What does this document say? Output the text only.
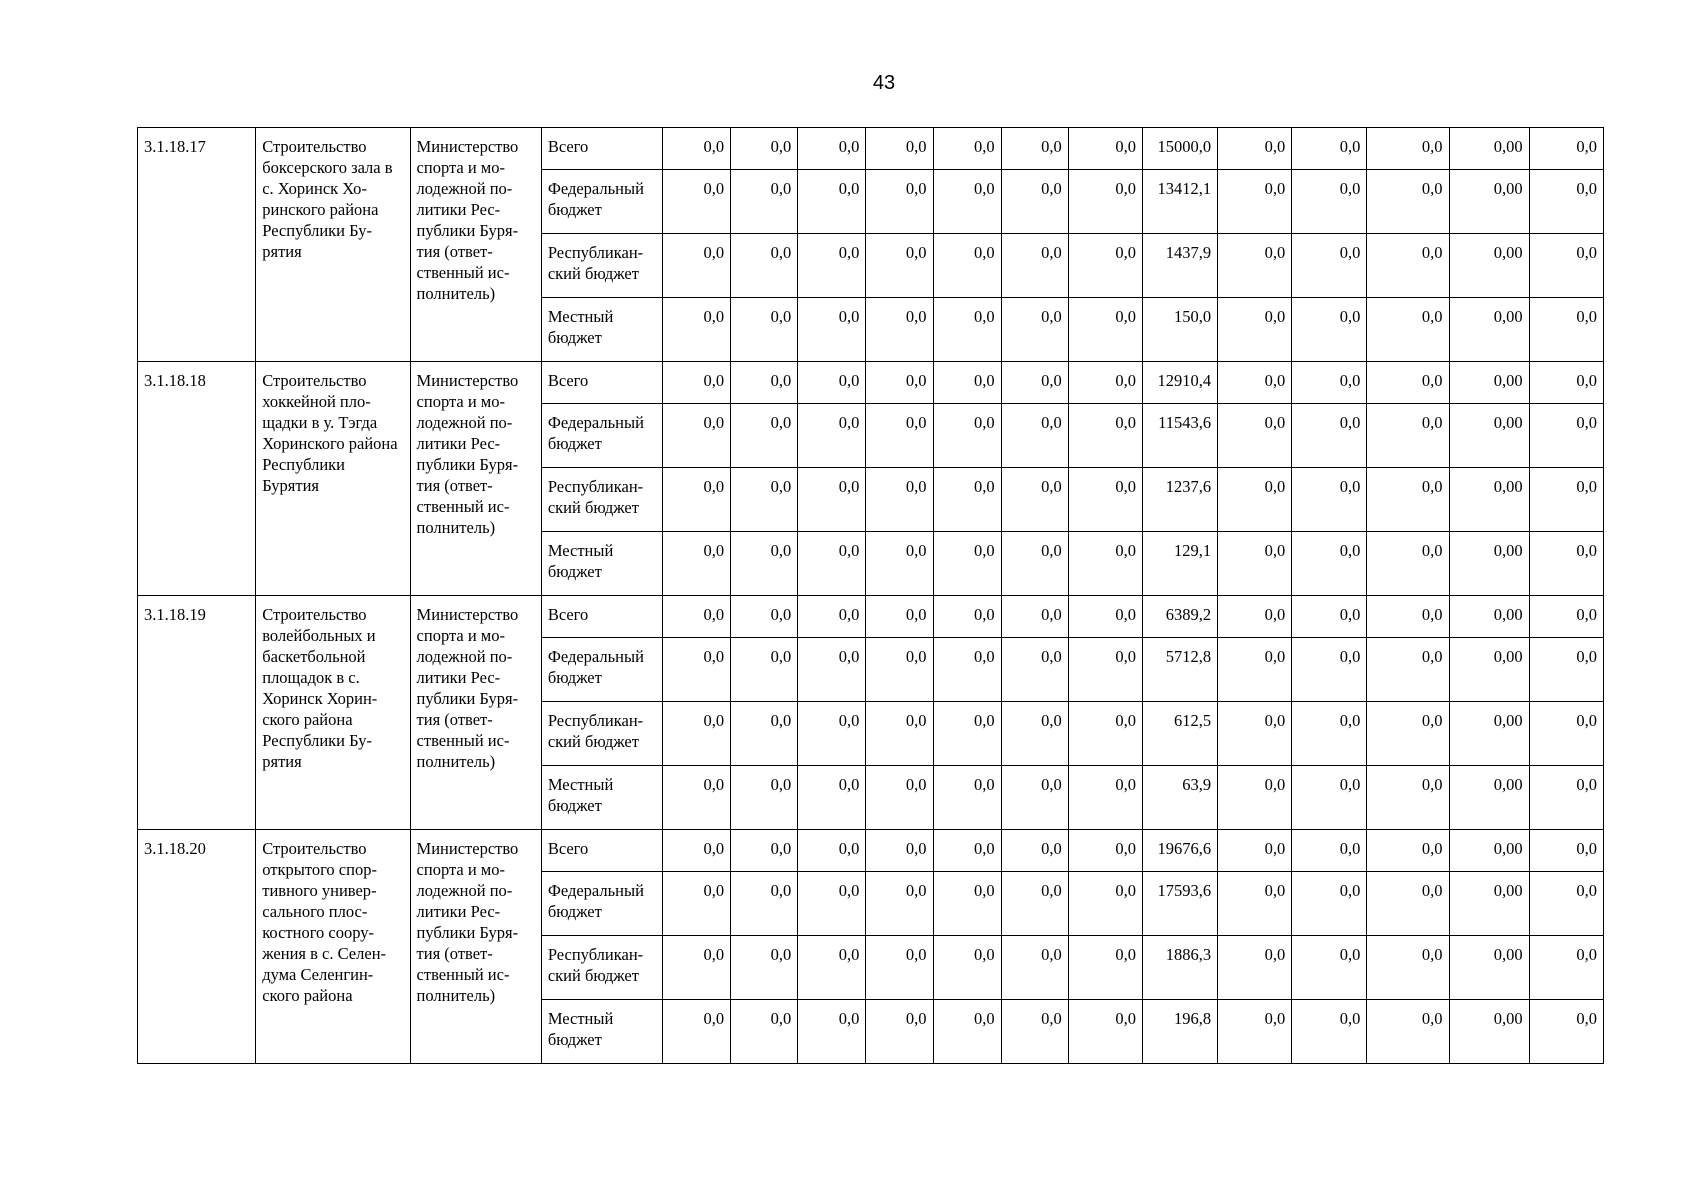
43
3.1.18.17	Строительство боксерского зала в с. Хоринск Хоринского района Республики Бурятия	Министерство спорта и молодежной политики Республики Бурятия (ответственный исполнитель)	Всего	0,0	0,0	0,0	0,0	0,0	0,0	0,0	15000,0	0,0	0,0	0,0	0,00	0,0
			Федеральный бюджет	0,0	0,0	0,0	0,0	0,0	0,0	0,0	13412,1	0,0	0,0	0,0	0,00	0,0
			Республиканский бюджет	0,0	0,0	0,0	0,0	0,0	0,0	0,0	1437,9	0,0	0,0	0,0	0,00	0,0
			Местный бюджет	0,0	0,0	0,0	0,0	0,0	0,0	0,0	150,0	0,0	0,0	0,0	0,00	0,0
3.1.18.18	Строительство хоккейной площадки в у. Тэгда Хоринского района Республики Бурятия	Министерство спорта и молодежной политики Республики Бурятия (ответственный исполнитель)	Всего	0,0	0,0	0,0	0,0	0,0	0,0	0,0	12910,4	0,0	0,0	0,0	0,00	0,0
			Федеральный бюджет	0,0	0,0	0,0	0,0	0,0	0,0	0,0	11543,6	0,0	0,0	0,0	0,00	0,0
			Республиканский бюджет	0,0	0,0	0,0	0,0	0,0	0,0	0,0	1237,6	0,0	0,0	0,0	0,00	0,0
			Местный бюджет	0,0	0,0	0,0	0,0	0,0	0,0	0,0	129,1	0,0	0,0	0,0	0,00	0,0
3.1.18.19	Строительство волейбольных и баскетбольной площадок в с. Хоринск Хоринского района Республики Бурятия	Министерство спорта и молодежной политики Республики Бурятия (ответственный исполнитель)	Всего	0,0	0,0	0,0	0,0	0,0	0,0	0,0	6389,2	0,0	0,0	0,0	0,00	0,0
			Федеральный бюджет	0,0	0,0	0,0	0,0	0,0	0,0	0,0	5712,8	0,0	0,0	0,0	0,00	0,0
			Республиканский бюджет	0,0	0,0	0,0	0,0	0,0	0,0	0,0	612,5	0,0	0,0	0,0	0,00	0,0
			Местный бюджет	0,0	0,0	0,0	0,0	0,0	0,0	0,0	63,9	0,0	0,0	0,0	0,00	0,0
3.1.18.20	Строительство открытого спортивного универсального плоскостного сооружения в с. Селендума Селенгинского района	Министерство спорта и молодежной политики Республики Бурятия (ответственный исполнитель)	Всего	0,0	0,0	0,0	0,0	0,0	0,0	0,0	19676,6	0,0	0,0	0,0	0,00	0,0
			Федеральный бюджет	0,0	0,0	0,0	0,0	0,0	0,0	0,0	17593,6	0,0	0,0	0,0	0,00	0,0
			Республиканский бюджет	0,0	0,0	0,0	0,0	0,0	0,0	0,0	1886,3	0,0	0,0	0,0	0,00	0,0
			Местный бюджет	0,0	0,0	0,0	0,0	0,0	0,0	0,0	196,8	0,0	0,0	0,0	0,00	0,0
